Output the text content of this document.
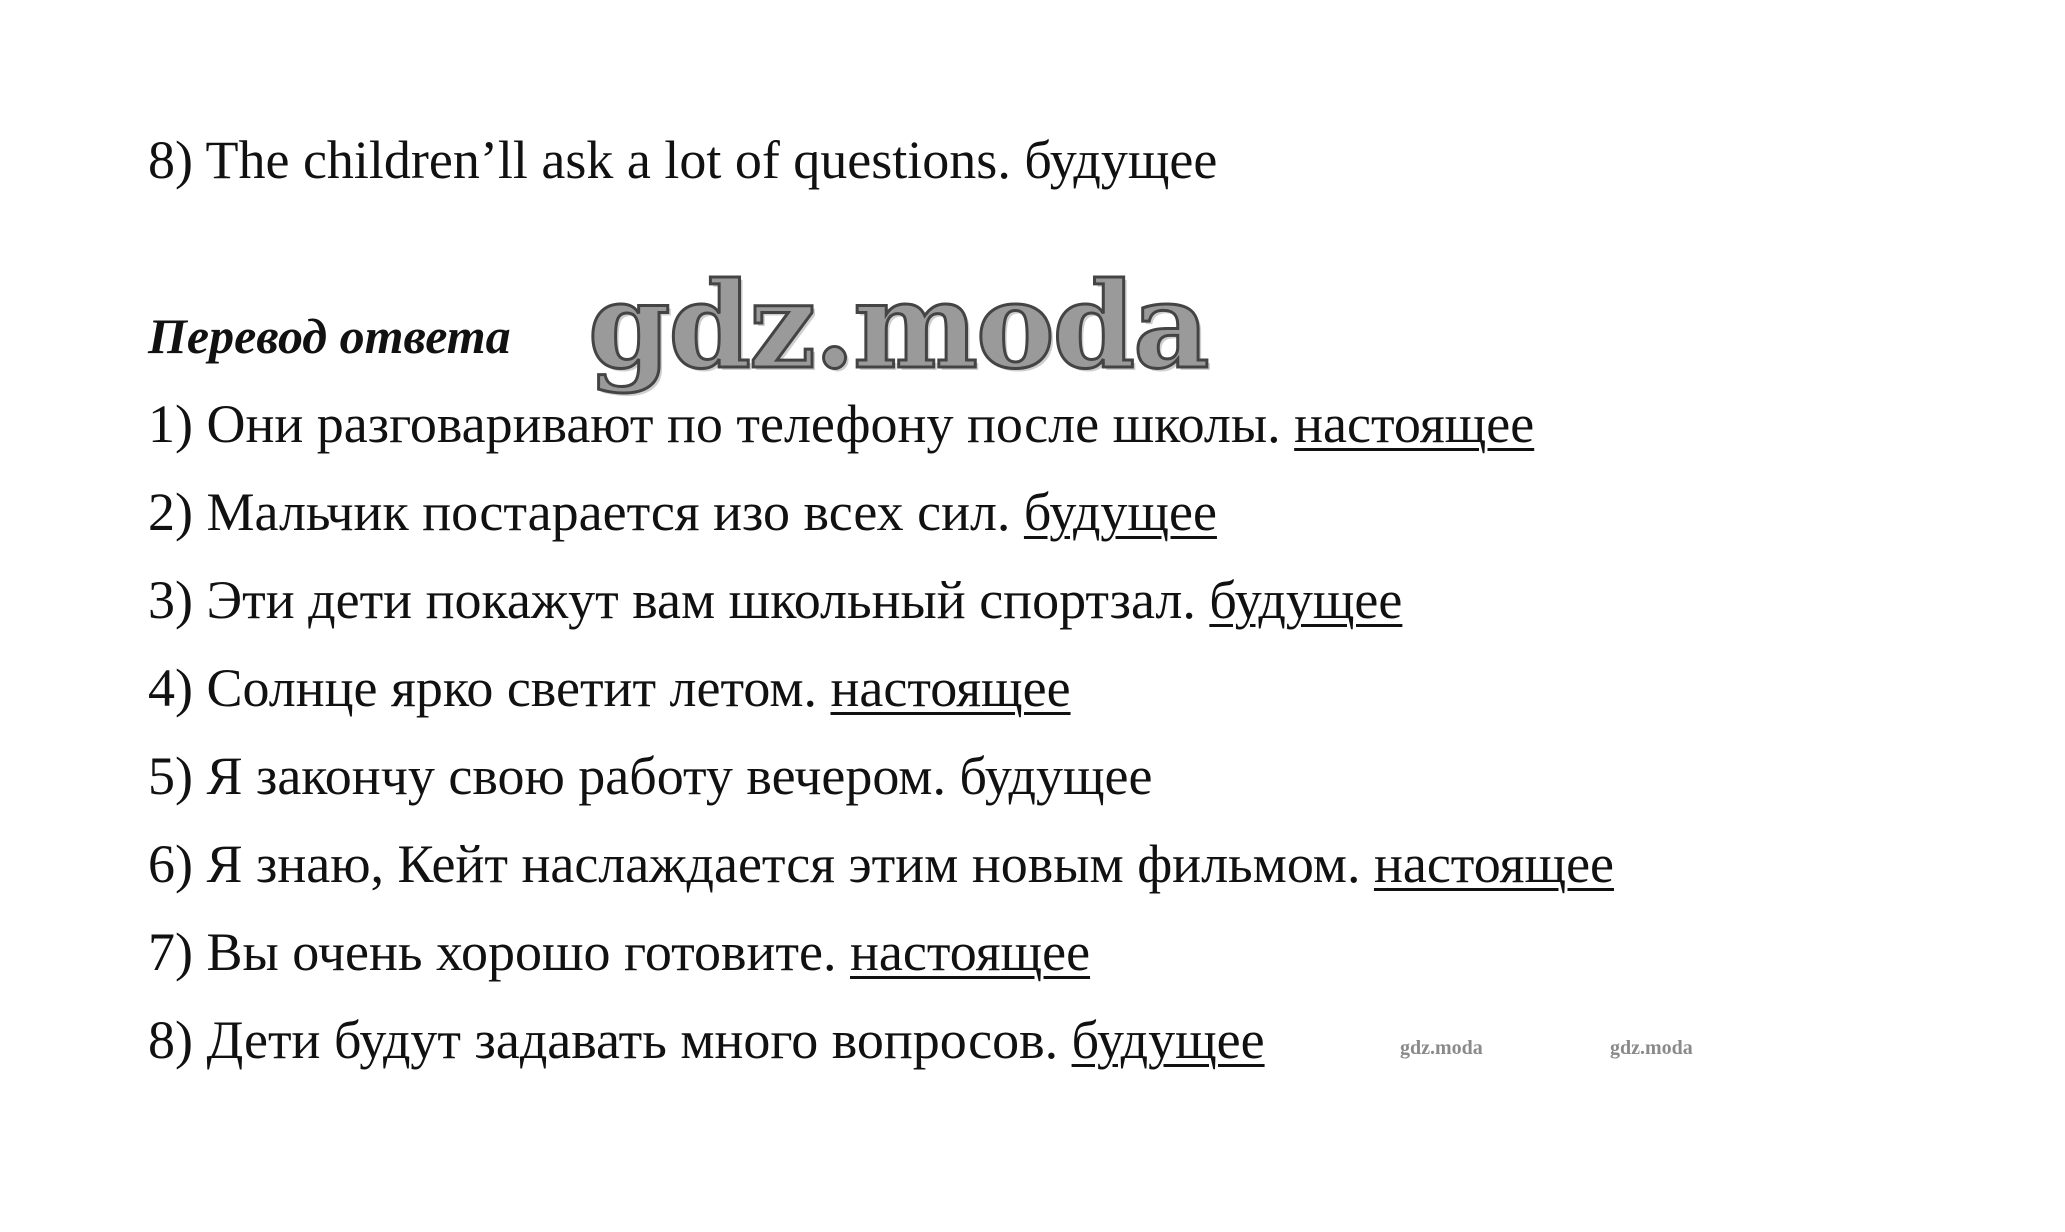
8) The children’ll ask a lot of questions. будущее

Перевод ответа gdz.moda

1) Они разговаривают по телефону после школы. настоящее

2) Мальчик постарается изо всех сил. будущее

3) Эти дети покажут вам школьный спортзал. будущее

4) Солнце ярко светит летом. настоящее

5) Я закончу свою работу вечером. будущее

6) Я знаю, Кейт наслаждается этим новым фильмом. настоящее

7) Вы очень хорошо готовите. настоящее

8) Дети будут задавать много вопросов. будущее	gdz.moda	gdz.moda
